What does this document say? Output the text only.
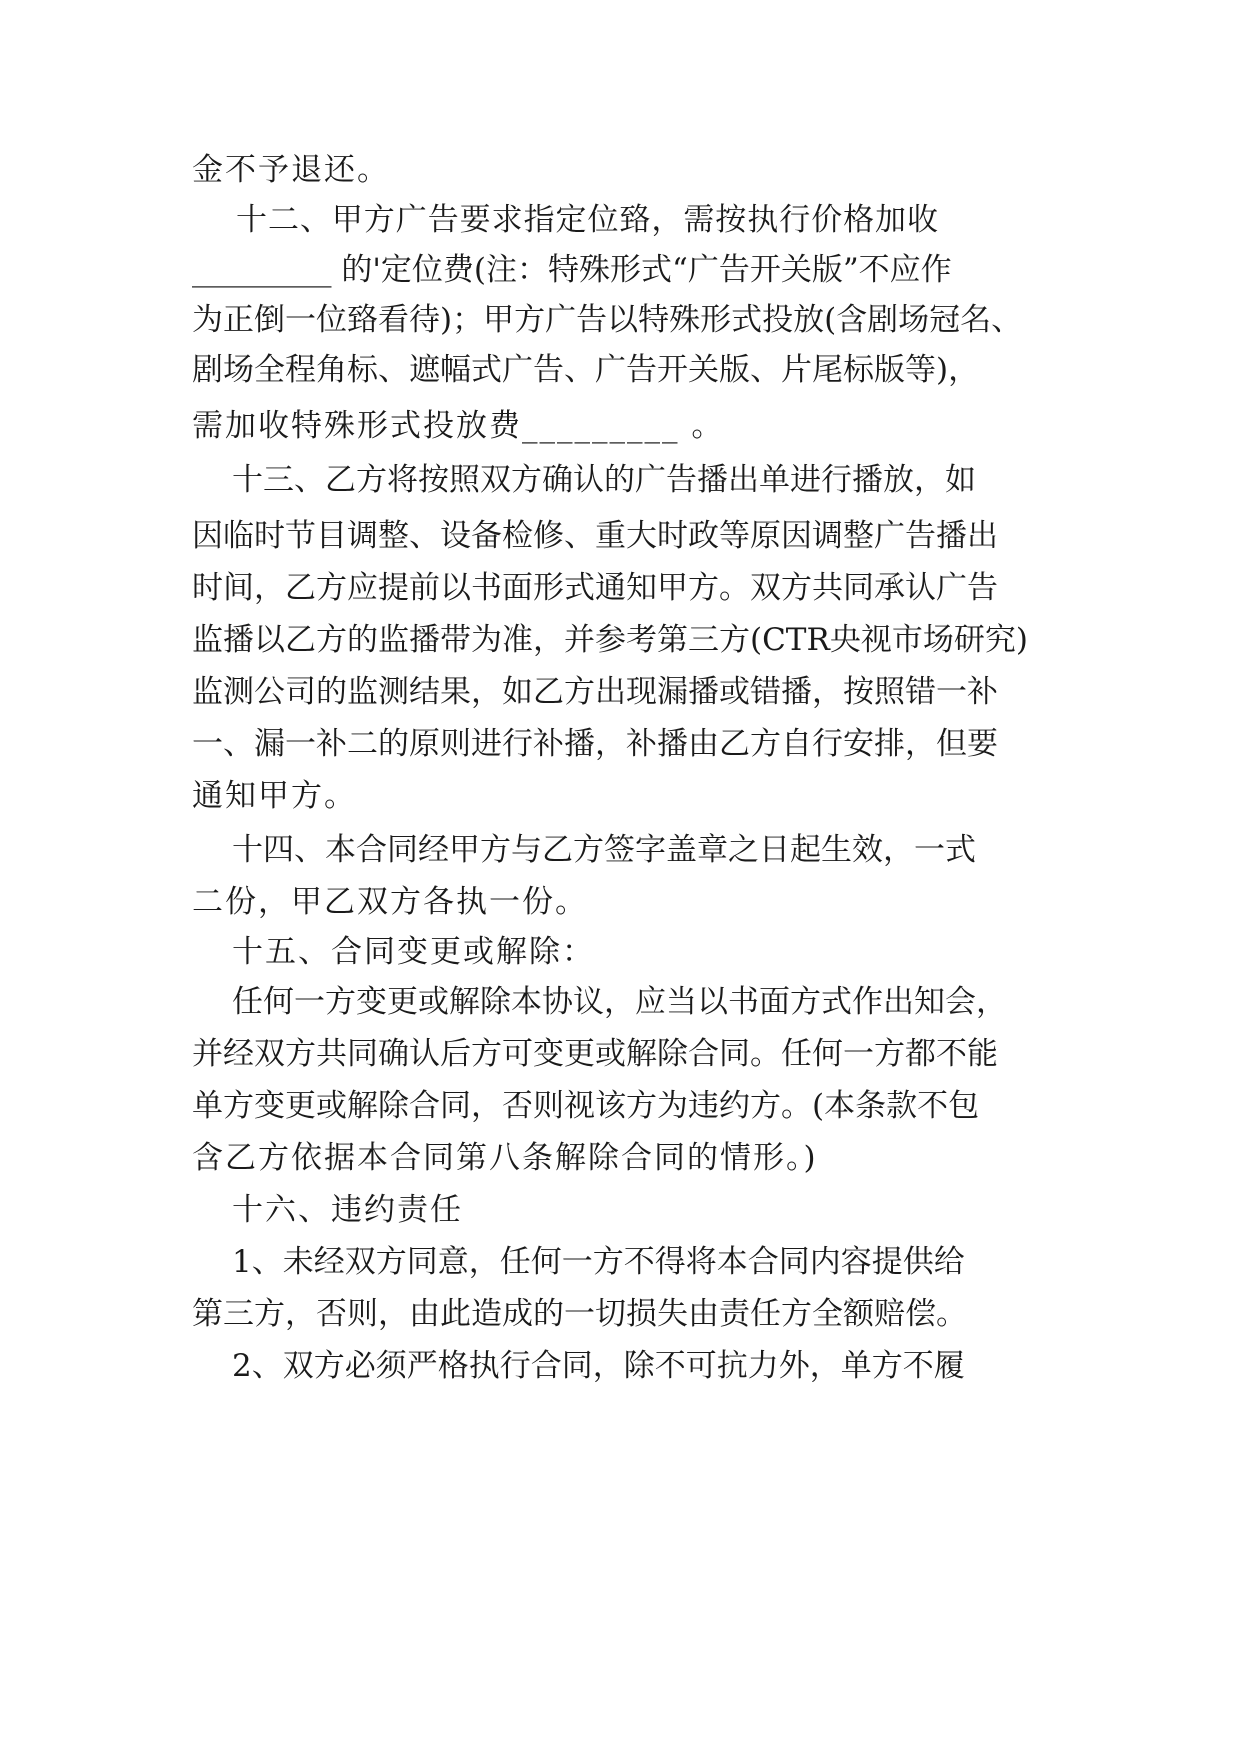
金不予退还。
十二、甲方广告要求指定位臵，需按执行价格加收
_________ 的'定位费(注：特殊形式“广告开关版”不应作
为正倒一位臵看待)；甲方广告以特殊形式投放(含剧场冠名、
剧场全程角标、遮幅式广告、广告开关版、片尾标版等)，
需加收特殊形式投放费_________ 。
十三、乙方将按照双方确认的广告播出单进行播放，如
因临时节目调整、设备检修、重大时政等原因调整广告播出
时间，乙方应提前以书面形式通知甲方。双方共同承认广告
监播以乙方的监播带为准，并参考第三方(CTR央视市场研究)
监测公司的监测结果，如乙方出现漏播或错播，按照错一补
一、漏一补二的原则进行补播，补播由乙方自行安排，但要
通知甲方。
十四、本合同经甲方与乙方签字盖章之日起生效，一式
二份，甲乙双方各执一份。
十五、合同变更或解除：
任何一方变更或解除本协议，应当以书面方式作出知会，
并经双方共同确认后方可变更或解除合同。任何一方都不能
单方变更或解除合同，否则视该方为违约方。(本条款不包
含乙方依据本合同第八条解除合同的情形。)
十六、违约责任
1、未经双方同意，任何一方不得将本合同内容提供给
第三方，否则，由此造成的一切损失由责任方全额赔偿。
2、双方必须严格执行合同，除不可抗力外，单方不履
